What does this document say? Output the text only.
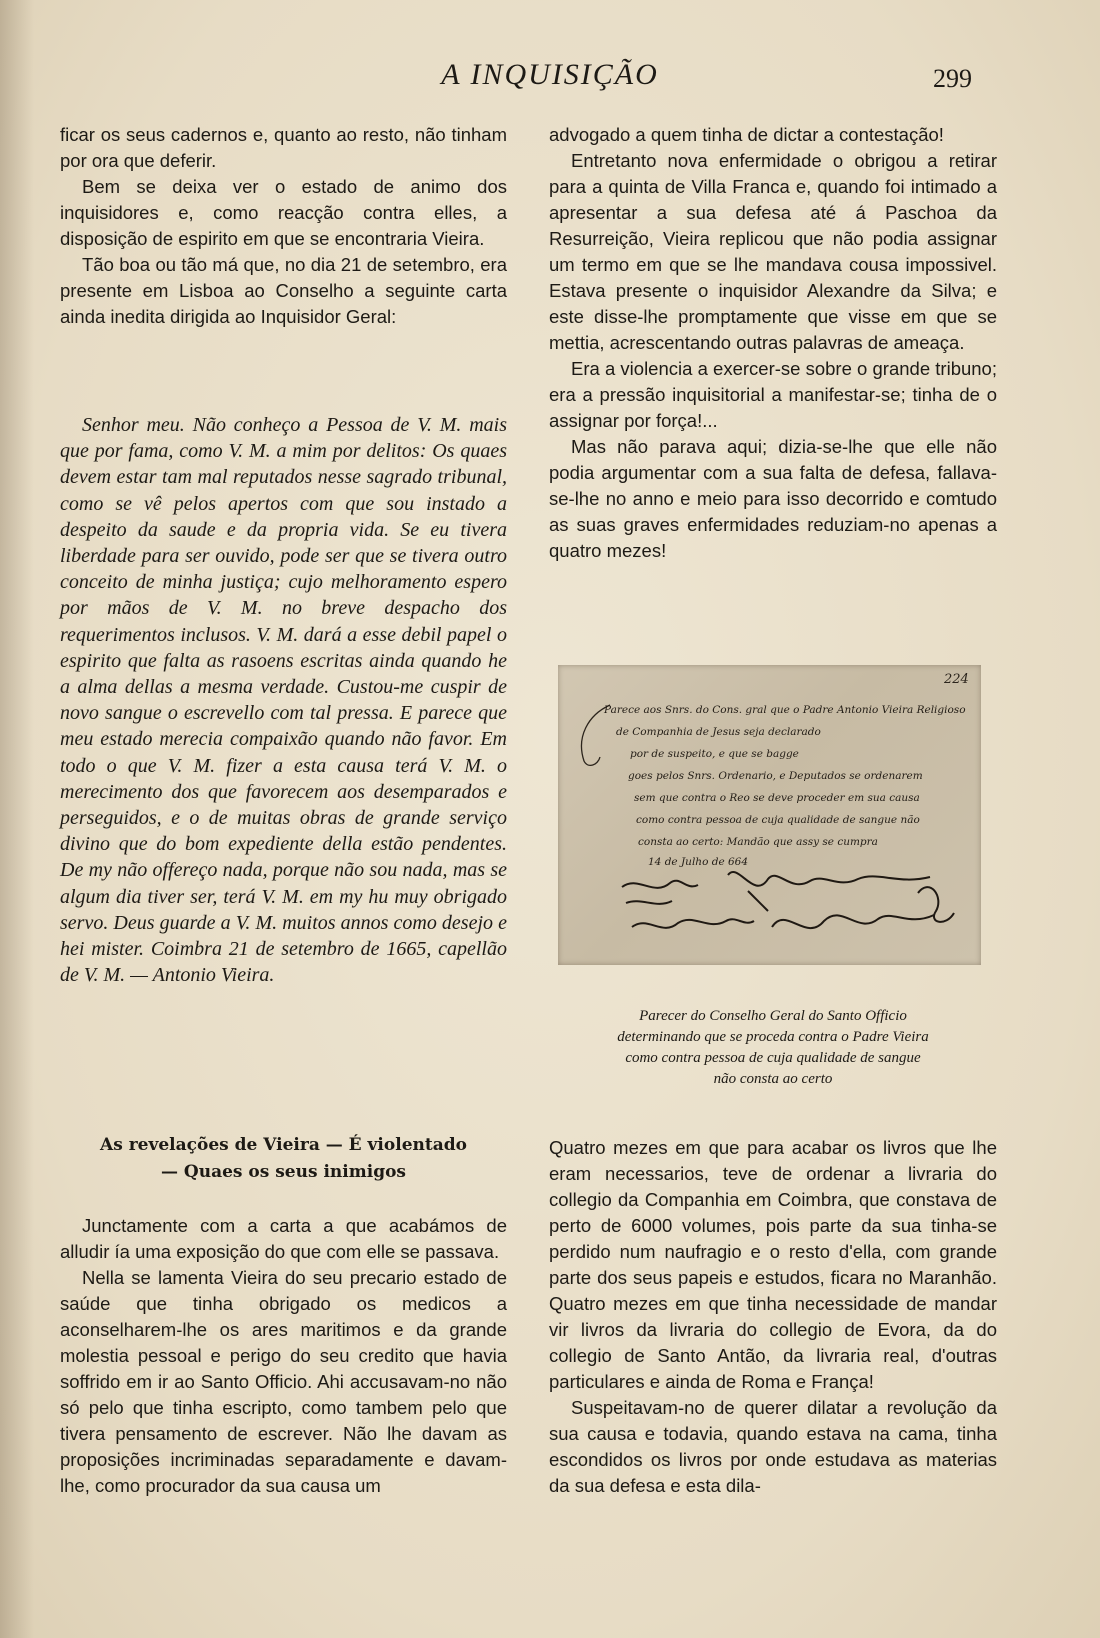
A INQUISIÇÃO	299

ficar os seus cadernos e, quanto ao resto, não tinham por ora que deferir.

Bem se deixa ver o estado de animo dos inquisidores e, como reacção contra elles, a disposição de espirito em que se encontraria Vieira.

Tão boa ou tão má que, no dia 21 de setembro, era presente em Lisboa ao Conselho a seguinte carta ainda inedita dirigida ao Inquisidor Geral:

Senhor meu. Não conheço a Pessoa de V. M. mais que por fama, como V. M. a mim por delitos: Os quaes devem estar tam mal reputados nesse sagrado tribunal, como se vê pelos apertos com que sou instado a despeito da saude e da propria vida. Se eu tivera liberdade para ser ouvido, pode ser que se tivera outro conceito de minha justiça; cujo melhoramento espero por mãos de V. M. no breve despacho dos requerimentos inclusos. V. M. dará a esse debil papel o espirito que falta as rasoens escritas ainda quando he a alma dellas a mesma verdade. Custou-me cuspir de novo sangue o escrevello com tal pressa. E parece que meu estado merecia compaixão quando não favor. Em todo o que V. M. fizer a esta causa terá V. M. o merecimento dos que favorecem aos desemparados e perseguidos, e o de muitas obras de grande serviço divino que do bom expediente della estão pendentes. De my não offereço nada, porque não sou nada, mas se algum dia tiver ser, terá V. M. em my hu muy obrigado servo. Deus guarde a V. M. muitos annos como desejo e hei mister. Coimbra 21 de setembro de 1665, capellão de V. M. — Antonio Vieira.

As revelações de Vieira — É violentado
— Quaes os seus inimigos

Junctamente com a carta a que acabámos de alludir ía uma exposição do que com elle se passava.

Nella se lamenta Vieira do seu precario estado de saúde que tinha obrigado os medicos a aconselharem-lhe os ares maritimos e da grande molestia pessoal e perigo do seu credito que havia soffrido em ir ao Santo Officio. Ahi accusavam-no não só pelo que tinha escripto, como tambem pelo que tivera pensamento de escrever. Não lhe davam as proposições incriminadas separadamente e davam-lhe, como procurador da sua causa um

advogado a quem tinha de dictar a contestação!

Entretanto nova enfermidade o obrigou a retirar para a quinta de Villa Franca e, quando foi intimado a apresentar a sua defesa até á Paschoa da Resurreição, Vieira replicou que não podia assignar um termo em que se lhe mandava cousa impossivel. Estava presente o inquisidor Alexandre da Silva; e este disse-lhe promptamente que visse em que se mettia, acrescentando outras palavras de ameaça.

Era a violencia a exercer-se sobre o grande tribuno; era a pressão inquisitorial a manifestar-se; tinha de o assignar por força!...

Mas não parava aqui; dizia-se-lhe que elle não podia argumentar com a sua falta de defesa, fallava-se-lhe no anno e meio para isso decorrido e comtudo as suas graves enfermidades reduziam-no apenas a quatro mezes!

224
Parece aos Snrs. do Cons. gral que o Padre Antonio Vieira Religioso
de Companhia de Jesus seja declarado
por de suspeito, e que se bagge
goes pelos Snrs. Ordenario, e Deputados se ordenarem
sem que contra o Reo se deve proceder em sua causa
como contra pessoa de cuja qualidade de sangue não
consta ao certo: Mandão que assy se cumpra
14 de Julho de 664
Parecer do Conselho Geral do Santo Officio
determinando que se proceda contra o Padre Vieira
como contra pessoa de cuja qualidade de sangue
não consta ao certo

Quatro mezes em que para acabar os livros que lhe eram necessarios, teve de ordenar a livraria do collegio da Companhia em Coimbra, que constava de perto de 6000 volumes, pois parte da sua tinha-se perdido num naufragio e o resto d'ella, com grande parte dos seus papeis e estudos, ficara no Maranhão. Quatro mezes em que tinha necessidade de mandar vir livros da livraria do collegio de Evora, da do collegio de Santo Antão, da livraria real, d'outras particulares e ainda de Roma e França!

Suspeitavam-no de querer dilatar a revolução da sua causa e todavia, quando estava na cama, tinha escondidos os livros por onde estudava as materias da sua defesa e esta dila-
